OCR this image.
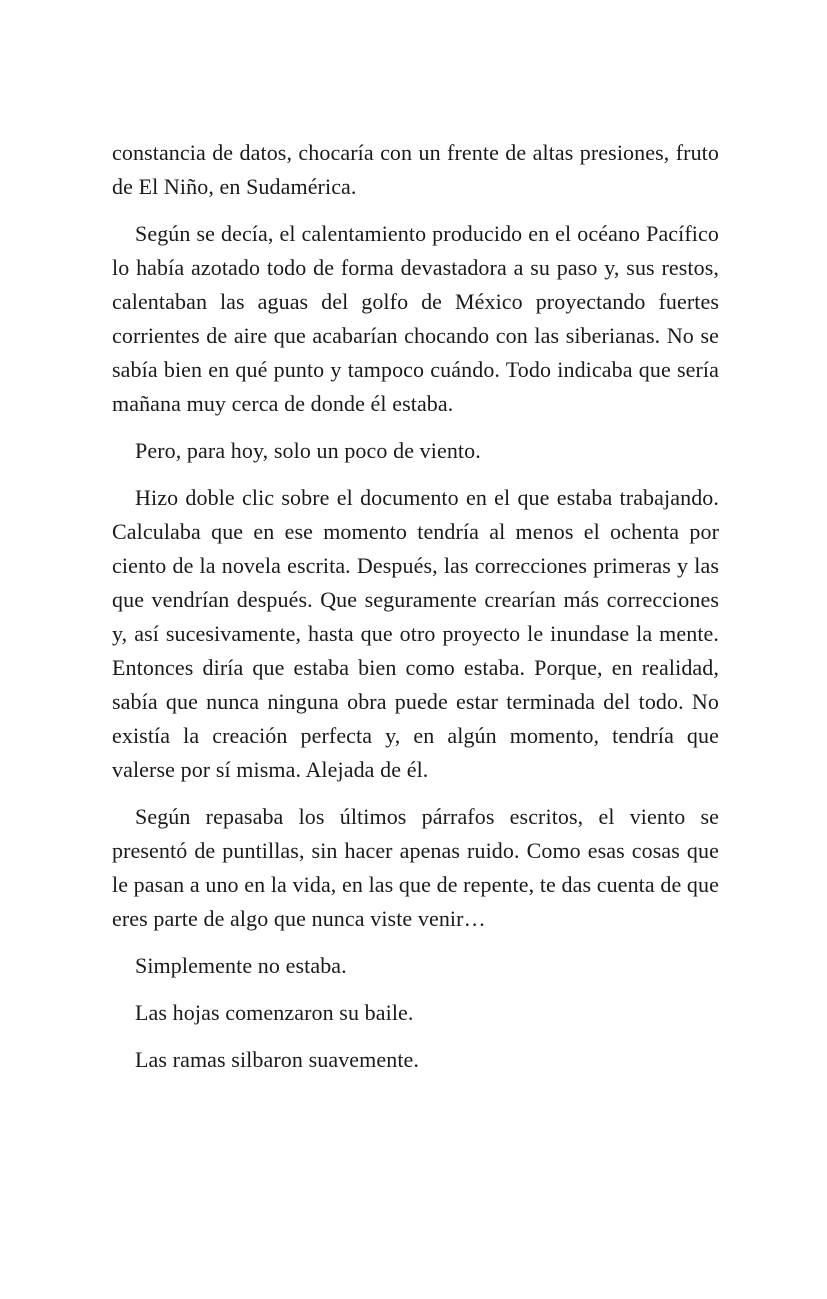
constancia de datos, chocaría con un frente de altas presiones, fruto de El Niño, en Sudamérica.

Según se decía, el calentamiento producido en el océano Pacífico lo había azotado todo de forma devastadora a su paso y, sus restos, calentaban las aguas del golfo de México proyectando fuertes corrientes de aire que acabarían chocando con las siberianas. No se sabía bien en qué punto y tampoco cuándo. Todo indicaba que sería mañana muy cerca de donde él estaba.

Pero, para hoy, solo un poco de viento.

Hizo doble clic sobre el documento en el que estaba trabajando. Calculaba que en ese momento tendría al menos el ochenta por ciento de la novela escrita. Después, las correcciones primeras y las que vendrían después. Que seguramente crearían más correcciones y, así sucesivamente, hasta que otro proyecto le inundase la mente. Entonces diría que estaba bien como estaba. Porque, en realidad, sabía que nunca ninguna obra puede estar terminada del todo. No existía la creación perfecta y, en algún momento, tendría que valerse por sí misma. Alejada de él.

Según repasaba los últimos párrafos escritos, el viento se presentó de puntillas, sin hacer apenas ruido. Como esas cosas que le pasan a uno en la vida, en las que de repente, te das cuenta de que eres parte de algo que nunca viste venir…

Simplemente no estaba.

Las hojas comenzaron su baile.

Las ramas silbaron suavemente.
